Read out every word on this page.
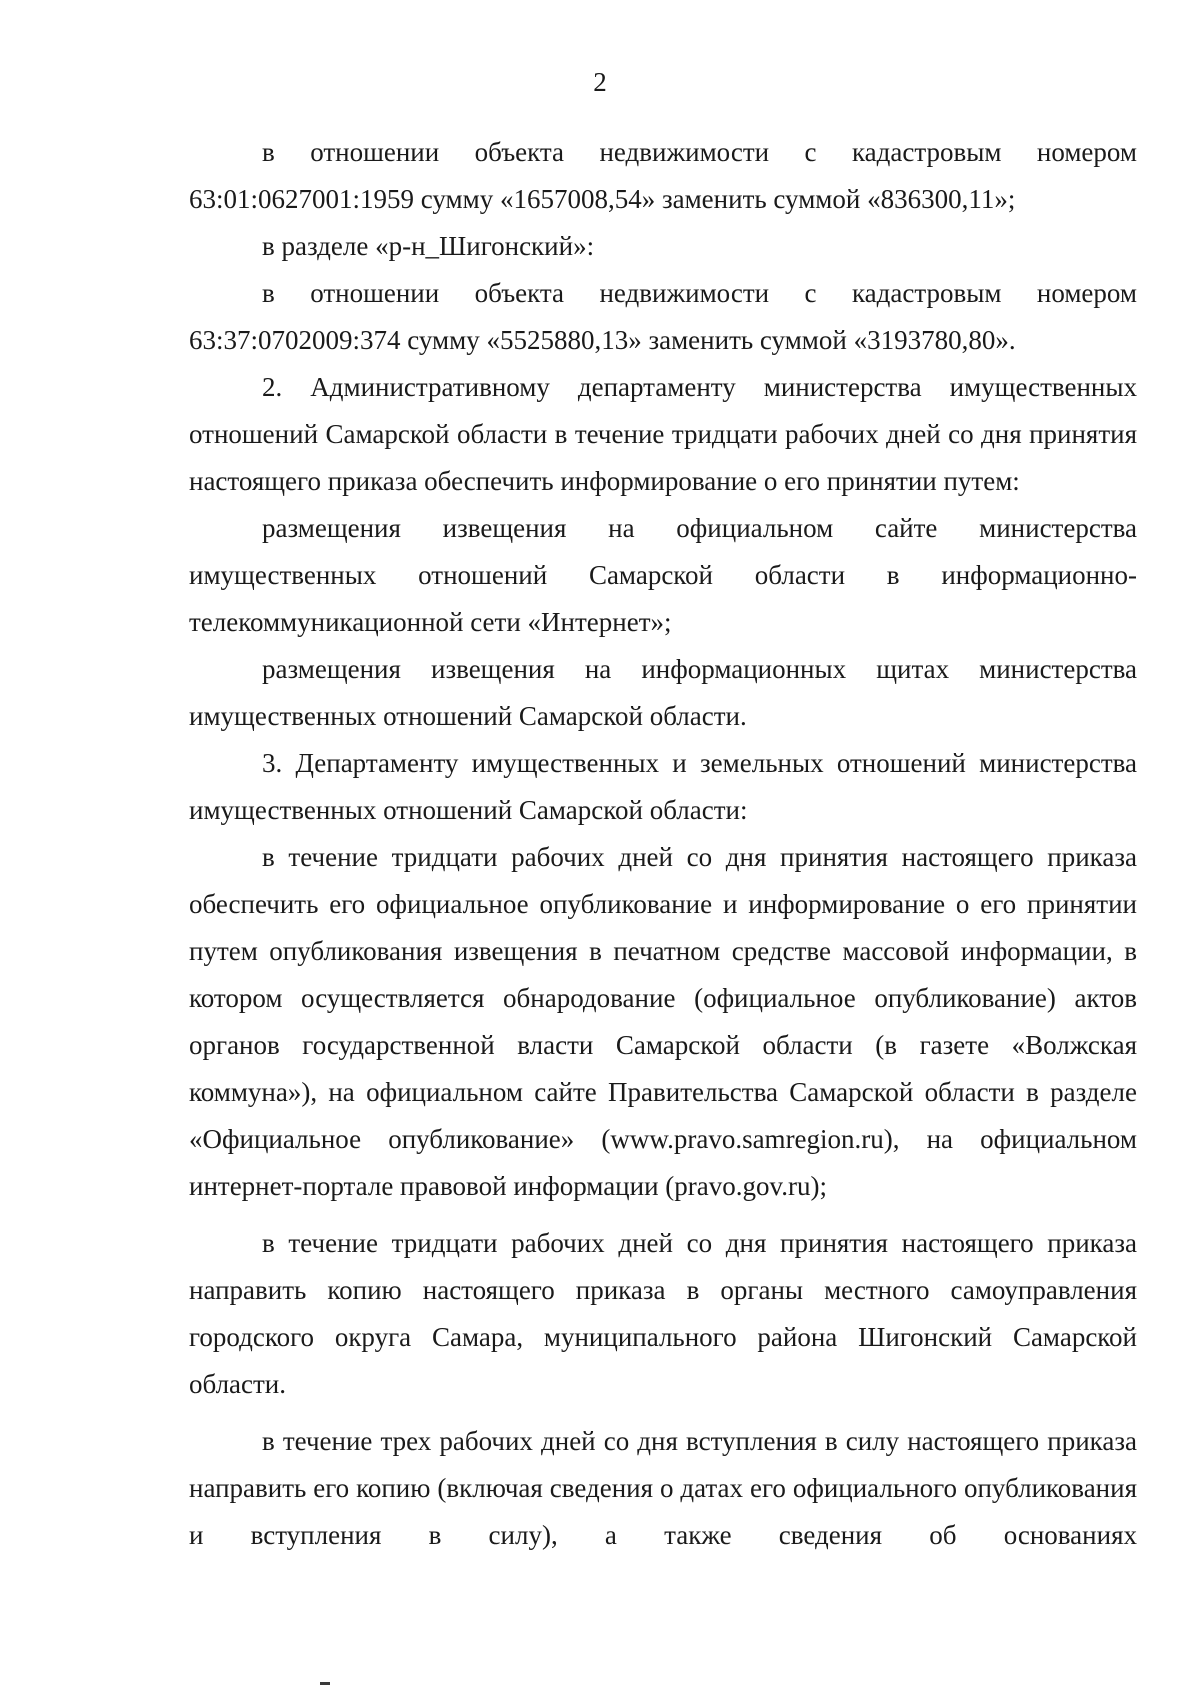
2

в отношении объекта недвижимости с кадастровым номером 63:01:0627001:1959 сумму «1657008,54» заменить суммой «836300,11»;

в разделе «р-н_Шигонский»:

в отношении объекта недвижимости с кадастровым номером 63:37:0702009:374 сумму «5525880,13» заменить суммой «3193780,80».

2. Административному департаменту министерства имущественных отношений Самарской области в течение тридцати рабочих дней со дня принятия настоящего приказа обеспечить информирование о его принятии путем:

размещения извещения на официальном сайте министерства имущественных отношений Самарской области в информационно-телекоммуникационной сети «Интернет»;

размещения извещения на информационных щитах министерства имущественных отношений Самарской области.

3. Департаменту имущественных и земельных отношений министерства имущественных отношений Самарской области:

в течение тридцати рабочих дней со дня принятия настоящего приказа обеспечить его официальное опубликование и информирование о его принятии путем опубликования извещения в печатном средстве массовой информации, в котором осуществляется обнародование (официальное опубликование) актов органов государственной власти Самарской области (в газете «Волжская коммуна»), на официальном сайте Правительства Самарской области в разделе «Официальное опубликование» (www.pravo.samregion.ru), на официальном интернет-портале правовой информации (pravo.gov.ru);

в течение тридцати рабочих дней со дня принятия настоящего приказа направить копию настоящего приказа в органы местного самоуправления городского округа Самара, муниципального района Шигонский Самарской области.

в течение трех рабочих дней со дня вступления в силу настоящего приказа направить его копию (включая сведения о датах его официального опубликования и вступления в силу), а также сведения об основаниях
